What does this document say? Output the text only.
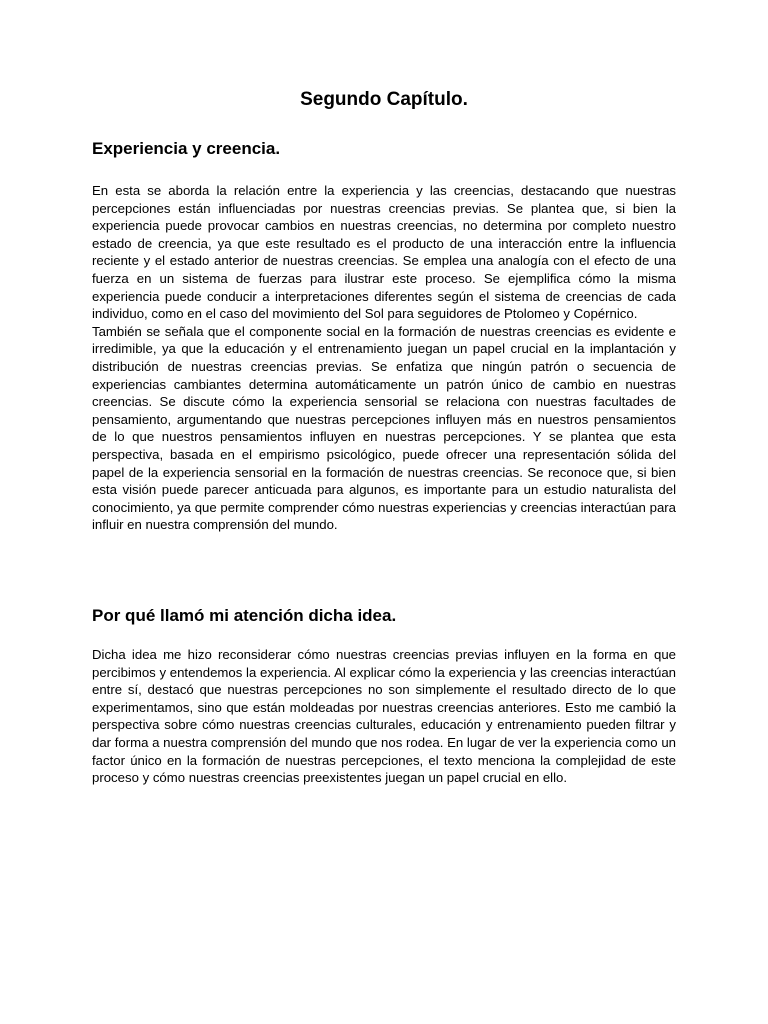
Segundo Capítulo.
Experiencia y creencia.

En esta se aborda la relación entre la experiencia y las creencias, destacando que nuestras percepciones están influenciadas por nuestras creencias previas. Se plantea que, si bien la experiencia puede provocar cambios en nuestras creencias, no determina por completo nuestro estado de creencia, ya que este resultado es el producto de una interacción entre la influencia reciente y el estado anterior de nuestras creencias. Se emplea una analogía con el efecto de una fuerza en un sistema de fuerzas para ilustrar este proceso. Se ejemplifica cómo la misma experiencia puede conducir a interpretaciones diferentes según el sistema de creencias de cada individuo, como en el caso del movimiento del Sol para seguidores de Ptolomeo y Copérnico.

También se señala que el componente social en la formación de nuestras creencias es evidente e irredimible, ya que la educación y el entrenamiento juegan un papel crucial en la implantación y distribución de nuestras creencias previas. Se enfatiza que ningún patrón o secuencia de experiencias cambiantes determina automáticamente un patrón único de cambio en nuestras creencias. Se discute cómo la experiencia sensorial se relaciona con nuestras facultades de pensamiento, argumentando que nuestras percepciones influyen más en nuestros pensamientos de lo que nuestros pensamientos influyen en nuestras percepciones. Y se plantea que esta perspectiva, basada en el empirismo psicológico, puede ofrecer una representación sólida del papel de la experiencia sensorial en la formación de nuestras creencias. Se reconoce que, si bien esta visión puede parecer anticuada para algunos, es importante para un estudio naturalista del conocimiento, ya que permite comprender cómo nuestras experiencias y creencias interactúan para influir en nuestra comprensión del mundo.

Por qué llamó mi atención dicha idea.

Dicha idea me hizo reconsiderar cómo nuestras creencias previas influyen en la forma en que percibimos y entendemos la experiencia. Al explicar cómo la experiencia y las creencias interactúan entre sí, destacó que nuestras percepciones no son simplemente el resultado directo de lo que experimentamos, sino que están moldeadas por nuestras creencias anteriores. Esto me cambió la perspectiva sobre cómo nuestras creencias culturales, educación y entrenamiento pueden filtrar y dar forma a nuestra comprensión del mundo que nos rodea. En lugar de ver la experiencia como un factor único en la formación de nuestras percepciones, el texto menciona la complejidad de este proceso y cómo nuestras creencias preexistentes juegan un papel crucial en ello.
